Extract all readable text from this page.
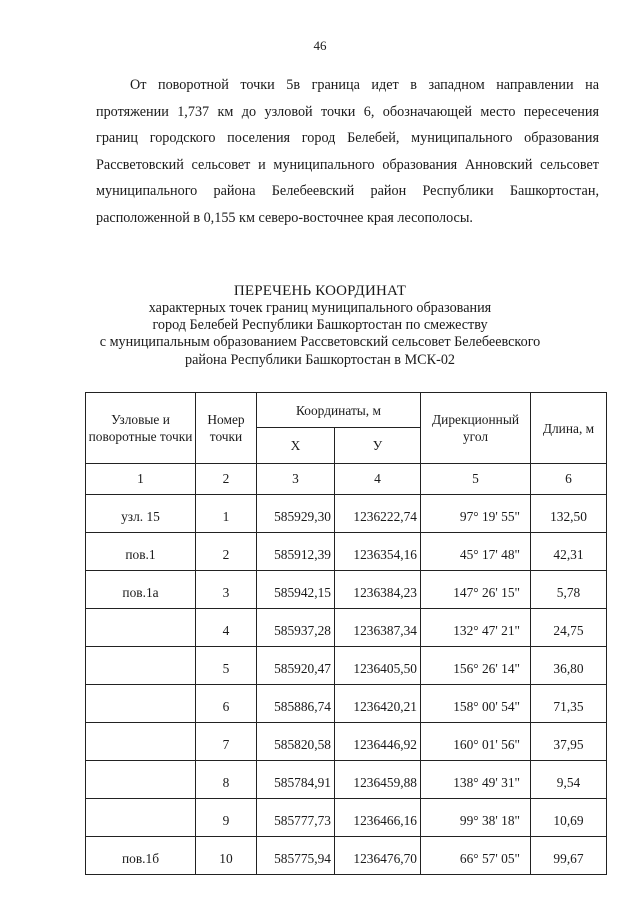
46

От поворотной точки 5в граница идет в западном направлении на протяжении 1,737 км до узловой точки 6, обозначающей место пересечения границ городского поселения город Белебей, муниципального образования Рассветовский сельсовет и муниципального образования Анновский сельсовет муниципального района Белебеевский район Республики Башкортостан, расположенной в 0,155 км северо-восточнее края лесополосы.

ПЕРЕЧЕНЬ КООРДИНАТ
характерных точек границ муниципального образования
город Белебей Республики Башкортостан по смежеству
с муниципальным образованием Рассветовский сельсовет Белебеевского
района Республики Башкортостан в МСК-02
Узловые и поворотные точки	Номер точки	Координаты, м		Дирекционный угол	Длина, м
		X	У		
1	2	3	4	5	6
узл. 15	1	585929,30	1236222,74	97° 19' 55"	132,50
пов.1	2	585912,39	1236354,16	45° 17' 48"	42,31
пов.1а	3	585942,15	1236384,23	147° 26' 15"	5,78
	4	585937,28	1236387,34	132° 47' 21"	24,75
	5	585920,47	1236405,50	156° 26' 14"	36,80
	6	585886,74	1236420,21	158° 00' 54"	71,35
	7	585820,58	1236446,92	160° 01' 56"	37,95
	8	585784,91	1236459,88	138° 49' 31"	9,54
	9	585777,73	1236466,16	99° 38' 18"	10,69
пов.1б	10	585775,94	1236476,70	66° 57' 05"	99,67
